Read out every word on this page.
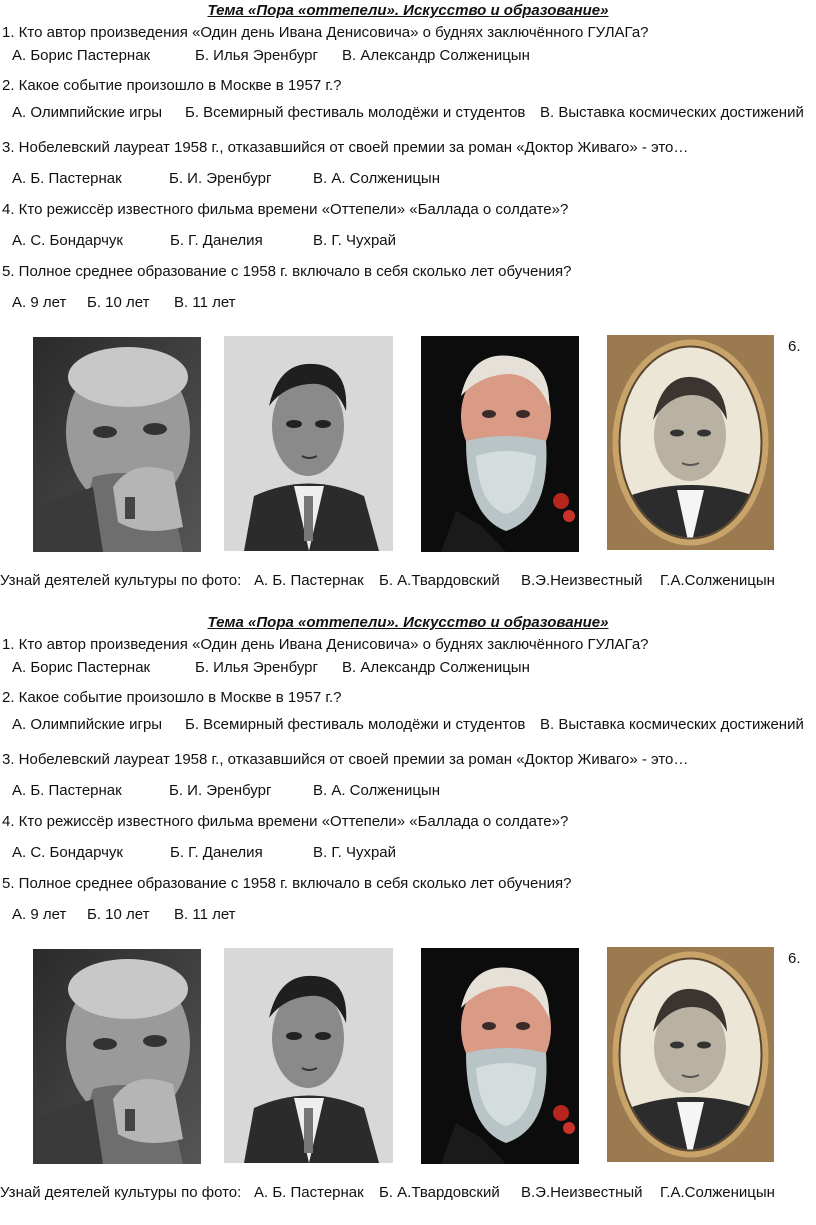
Тема «Пора «оттепели». Искусство и образование»
1. Кто автор произведения «Один день Ивана Денисовича» о буднях заключённого ГУЛАГа?
А. Борис Пастернак	Б. Илья Эренбург В. Александр Солженицын
2. Какое событие произошло в Москве в 1957 г.?
А. Олимпийские игры Б. Всемирный фестиваль молодёжи и студентов В. Выставка космических достижений
3. Нобелевский лауреат 1958 г., отказавшийся от своей премии за роман «Доктор Живаго» - это…
А. Б. Пастернак	Б. И. Эренбург	В. А. Солженицын
4. Кто режиссёр известного фильма времени «Оттепели» «Баллада о солдате»?
А. С. Бондарчук	Б. Г. Данелия	В. Г. Чухрай
5. Полное среднее образование с 1958 г. включало в себя сколько лет обучения?
А. 9 лет Б. 10 лет В. 11 лет
6.
Узнай деятелей культуры по фото: А. Б. Пастернак Б. А.Твардовский В.Э.Неизвестный Г.А.Солженицын
Тема «Пора «оттепели». Искусство и образование»
1. Кто автор произведения «Один день Ивана Денисовича» о буднях заключённого ГУЛАГа?
А. Борис Пастернак	Б. Илья Эренбург В. Александр Солженицын
2. Какое событие произошло в Москве в 1957 г.?
А. Олимпийские игры Б. Всемирный фестиваль молодёжи и студентов В. Выставка космических достижений
3. Нобелевский лауреат 1958 г., отказавшийся от своей премии за роман «Доктор Живаго» - это…
А. Б. Пастернак	Б. И. Эренбург	В. А. Солженицын
4. Кто режиссёр известного фильма времени «Оттепели» «Баллада о солдате»?
А. С. Бондарчук	Б. Г. Данелия	В. Г. Чухрай
5. Полное среднее образование с 1958 г. включало в себя сколько лет обучения?
А. 9 лет Б. 10 лет В. 11 лет
6.
Узнай деятелей культуры по фото: А. Б. Пастернак Б. А.Твардовский В.Э.Неизвестный Г.А.Солженицын
